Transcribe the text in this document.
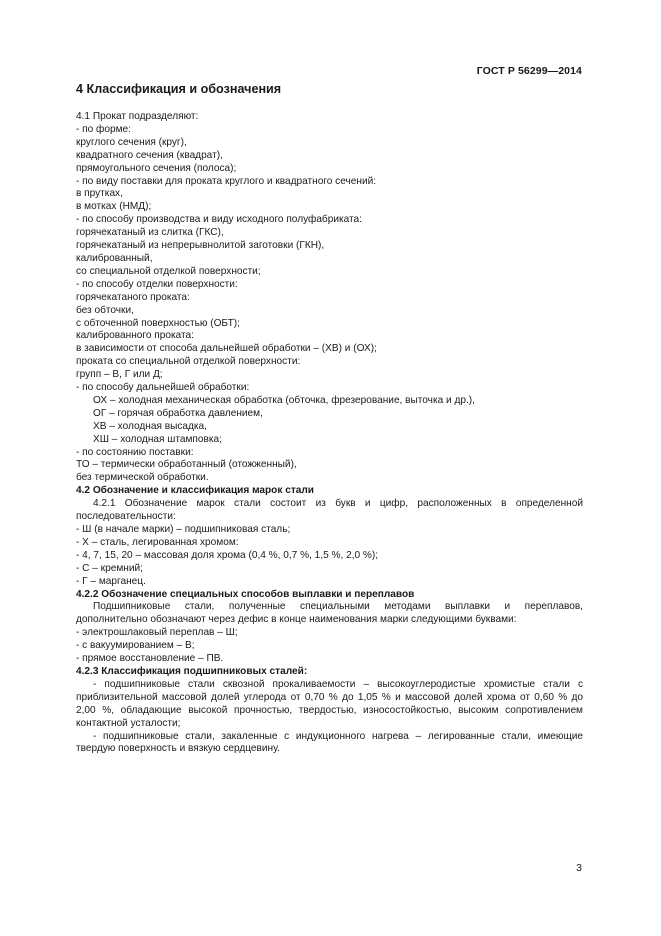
ГОСТ Р 56299—2014
4 Классификация и обозначения
4.1 Прокат подразделяют:
- по форме:
круглого сечения (круг),
квадратного сечения (квадрат),
прямоугольного сечения (полоса);
- по виду поставки для проката круглого и квадратного сечений:
в прутках,
в мотках (НМД);
- по способу производства и виду исходного полуфабриката:
горячекатаный из слитка (ГКС),
горячекатаный из непрерывнолитой заготовки (ГКН),
калиброванный,
со специальной отделкой поверхности;
- по способу отделки поверхности:
горячекатаного проката:
без обточки,
с обточенной поверхностью (ОБТ);
калиброванного проката:
в зависимости от способа дальнейшей обработки – (ХВ) и (ОХ);
проката со специальной отделкой поверхности:
групп – В, Г или Д;
- по способу дальнейшей обработки:
ОХ – холодная механическая обработка (обточка, фрезерование, выточка и др.),
ОГ – горячая обработка давлением,
ХВ – холодная высадка,
ХШ – холодная штамповка;
- по состоянию поставки:
ТО – термически обработанный (отожженный),
без термической обработки.
4.2 Обозначение и классификация марок стали
4.2.1 Обозначение марок стали состоит из букв и цифр, расположенных в определенной
последовательности:
- Ш (в начале марки) – подшипниковая сталь;
- Х – сталь, легированная хромом:
- 4, 7, 15, 20 – массовая доля хрома (0,4 %, 0,7 %, 1,5 %, 2,0 %);
- С – кремний;
- Г – марганец.
4.2.2 Обозначение специальных способов выплавки и переплавов
Подшипниковые стали, полученные специальными методами выплавки и переплавов,
дополнительно обозначают через дефис в конце наименования марки следующими буквами:
- электрошлаковый переплав – Ш;
- с вакуумированием – В;
- прямое восстановление – ПВ.
4.2.3 Классификация подшипниковых сталей:
- подшипниковые стали сквозной прокаливаемости – высокоуглеродистые хромистые стали с
приблизительной массовой долей углерода от 0,70 % до 1,05 % и массовой долей хрома от 0,60 % до
2,00 %, обладающие высокой прочностью, твердостью, износостойкостью, высоким сопротивлением
контактной усталости;
- подшипниковые стали, закаленные с индукционного нагрева – легированные стали, имеющие
твердую поверхность и вязкую сердцевину.
3
